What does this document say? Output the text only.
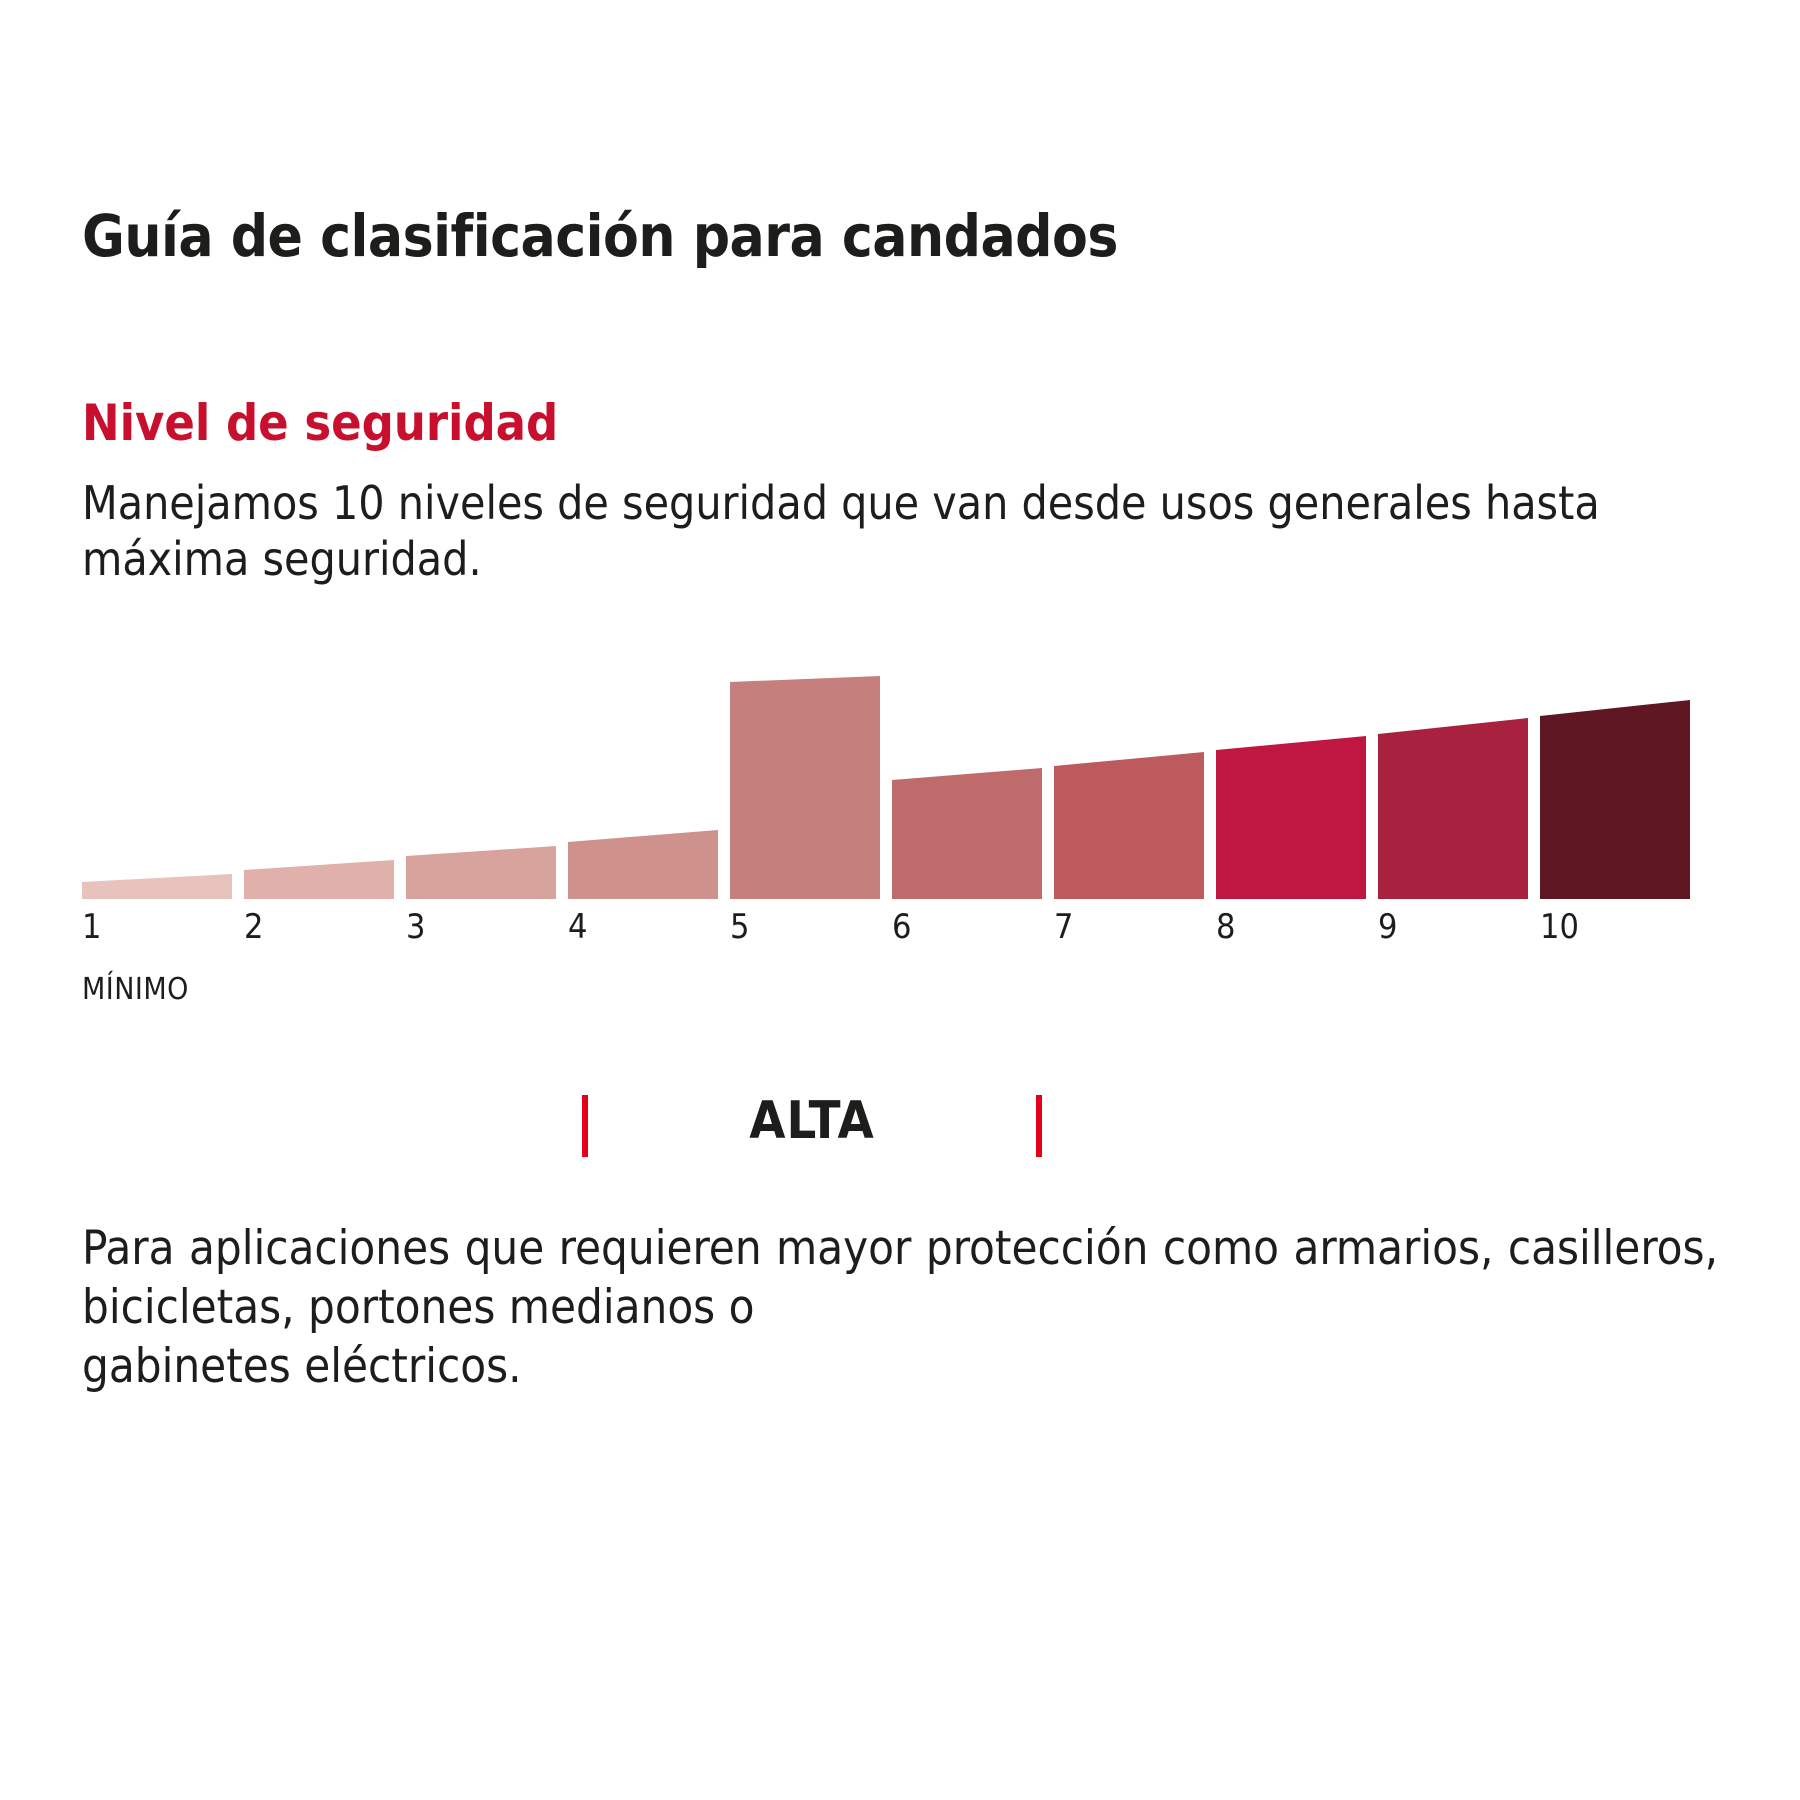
Guía de clasificación para candados
Nivel de seguridad

Manejamos 10 niveles de seguridad que van desde usos generales hasta máxima seguridad.

1	2	3	4	5	6	7	8	9	10
MÍNIMO
ALTA

Para aplicaciones que requieren mayor protección como armarios, casilleros, bicicletas, portones medianos o
gabinetes eléctricos.
